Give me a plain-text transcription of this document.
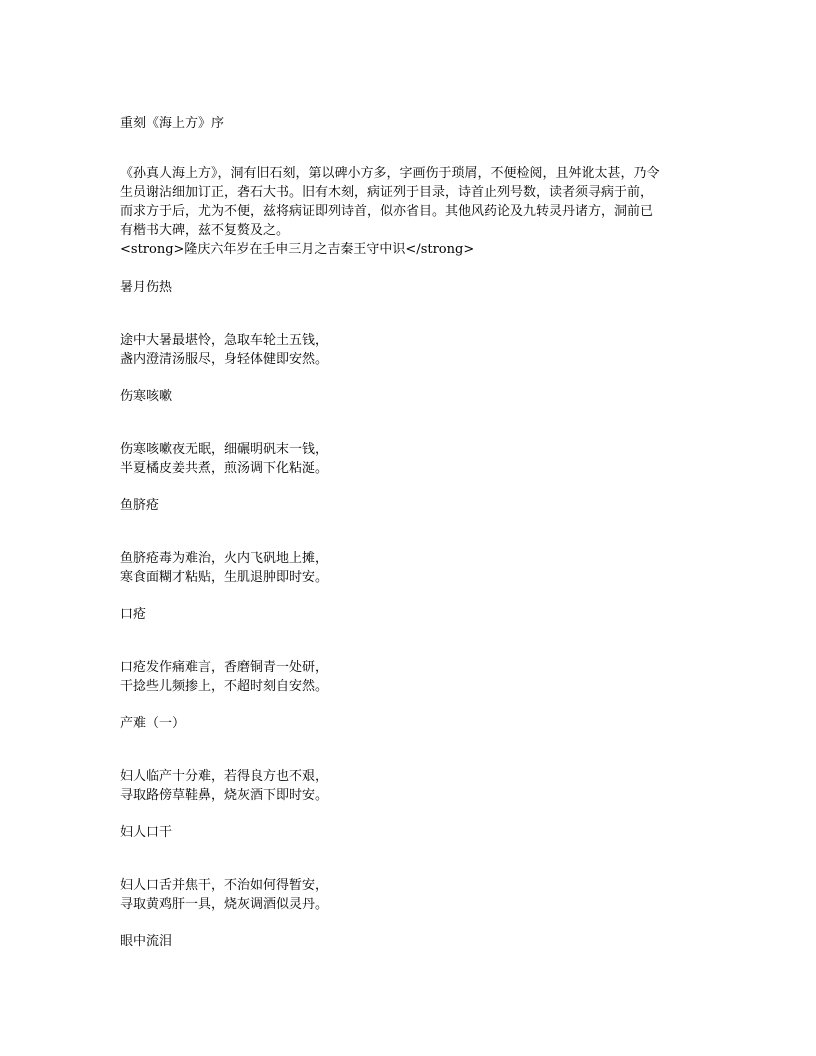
重刻《海上方》序
《孙真人海上方》，洞有旧石刻，第以碑小方多，字画伤于琐屑，不便检阅，且舛讹太甚，乃令
生员谢沾细加订正，砻石大书。旧有木刻，病证列于目录，诗首止列号数，读者须寻病于前，
而求方于后，尤为不便，兹将病证即列诗首，似亦省目。其他风药论及九转灵丹诸方，洞前已
有楷书大碑，兹不复赘及之。
<strong>隆庆六年岁在壬申三月之吉秦王守中识</strong>
暑月伤热
途中大暑最堪怜，急取车轮土五钱，
盏内澄清汤服尽，身轻体健即安然。
伤寒咳嗽
伤寒咳嗽夜无眠，细碾明矾末一钱，
半夏橘皮姜共煮，煎汤调下化粘涎。
鱼脐疮
鱼脐疮毒为难治，火内飞矾地上摊，
寒食面糊才粘贴，生肌退肿即时安。
口疮
口疮发作痛难言，香磨铜青一处研，
干捻些儿频掺上，不超时刻自安然。
产难（一）
妇人临产十分难，若得良方也不艰，
寻取路傍草鞋鼻，烧灰酒下即时安。
妇人口干
妇人口舌并焦干，不治如何得暂安，
寻取黄鸡肝一具，烧灰调酒似灵丹。
眼中流泪
